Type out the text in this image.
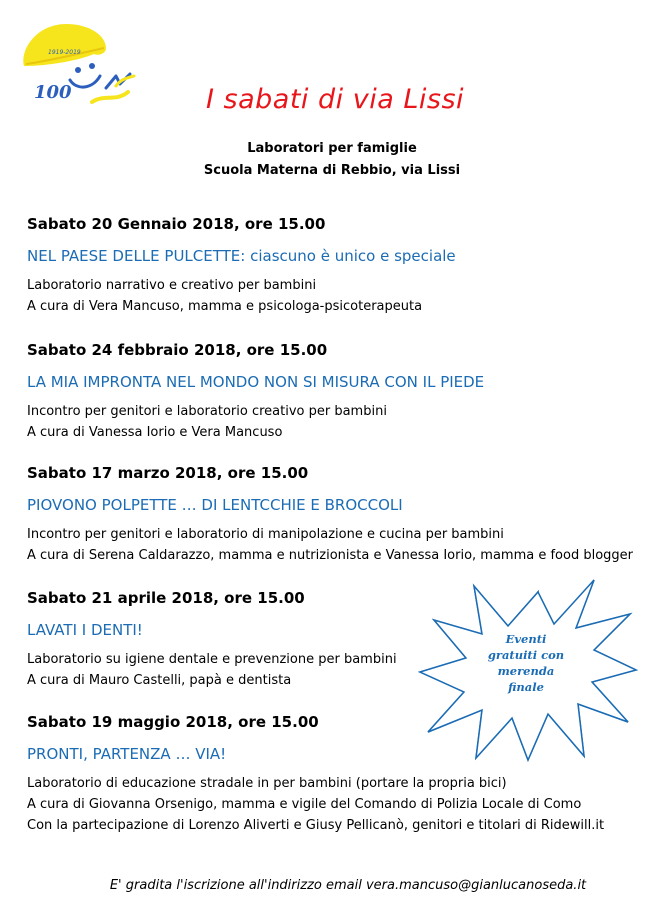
1919-2019
100	I sabati di via Lissi
Laboratori per famiglie
Scuola Materna di Rebbio, via Lissi
Sabato 20 Gennaio 2018, ore 15.00
NEL PAESE DELLE PULCETTE: ciascuno è unico e speciale
Laboratorio narrativo e creativo per bambini
A cura di Vera Mancuso, mamma e psicologa-psicoterapeuta
Sabato 24 febbraio 2018, ore 15.00
LA MIA IMPRONTA NEL MONDO NON SI MISURA CON IL PIEDE
Incontro per genitori e laboratorio creativo per bambini
A cura di Vanessa Iorio e Vera Mancuso
Sabato 17 marzo 2018, ore 15.00
PIOVONO POLPETTE … DI LENTCCHIE E BROCCOLI
Incontro per genitori e laboratorio di manipolazione e cucina per bambini
A cura di Serena Caldarazzo, mamma e nutrizionista e Vanessa Iorio, mamma e food blogger
Sabato 21 aprile 2018, ore 15.00
LAVATI I DENTI!
Laboratorio su igiene dentale e prevenzione per bambini
A cura di Mauro Castelli, papà e dentista
Sabato 19 maggio 2018, ore 15.00
PRONTI, PARTENZA … VIA!
Laboratorio di educazione stradale in per bambini (portare la propria bici)
A cura di Giovanna Orsenigo, mamma e vigile del Comando di Polizia Locale di Como
Con la partecipazione di Lorenzo Aliverti e Giusy Pellicanò, genitori e titolari di Ridewill.it
Eventi
gratuiti con
merenda
finale
E' gradita l'iscrizione all'indirizzo email vera.mancuso@gianlucanoseda.it
